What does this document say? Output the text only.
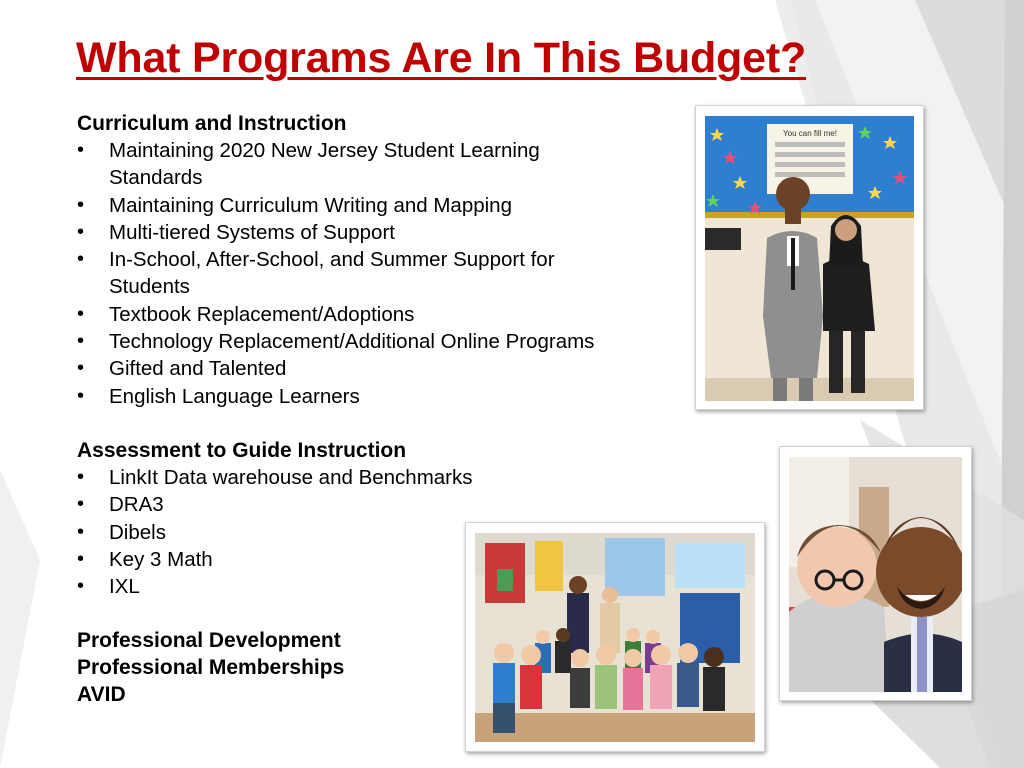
What Programs Are In This Budget?
Curriculum and Instruction
• Maintaining 2020 New Jersey Student Learning Standards
• Maintaining Curriculum Writing and Mapping
• Multi-tiered Systems of Support
• In-School, After-School, and Summer Support for Students
• Textbook Replacement/Adoptions
• Technology Replacement/Additional Online Programs
• Gifted and Talented
• English Language Learners
Assessment to Guide Instruction
• LinkIt Data warehouse and Benchmarks
• DRA3
• Dibels
• Key 3 Math
• IXL
Professional Development
Professional Memberships
AVID
You can fill me!
